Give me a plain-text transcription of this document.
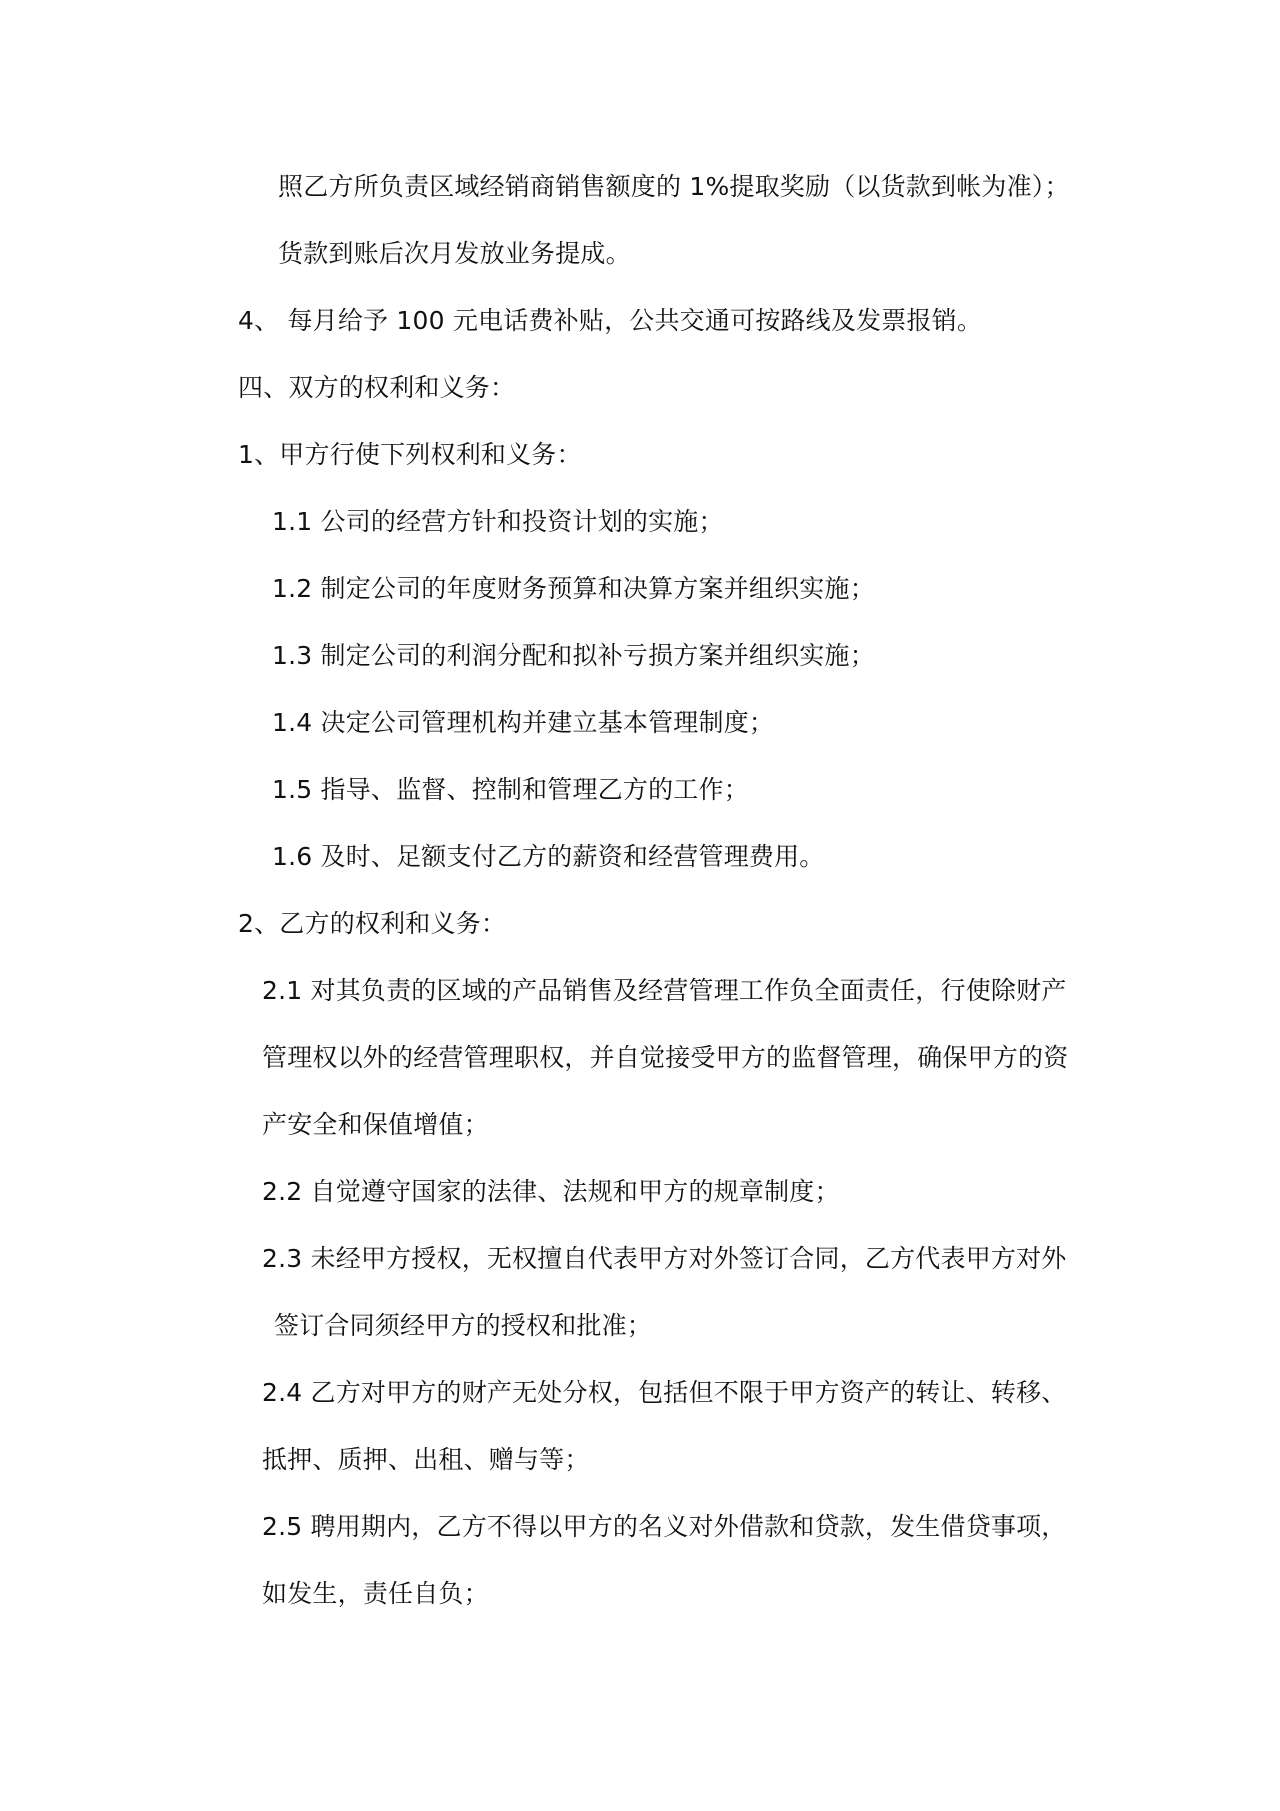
照乙方所负责区域经销商销售额度的 1%提取奖励（以货款到帐为准）；
货款到账后次月发放业务提成。
4、 每月给予 100 元电话费补贴，公共交通可按路线及发票报销。
四、双方的权利和义务：
1、甲方行使下列权利和义务：
1.1 公司的经营方针和投资计划的实施；
1.2 制定公司的年度财务预算和决算方案并组织实施；
1.3 制定公司的利润分配和拟补亏损方案并组织实施；
1.4 决定公司管理机构并建立基本管理制度；
1.5 指导、监督、控制和管理乙方的工作；
1.6 及时、足额支付乙方的薪资和经营管理费用。
2、乙方的权利和义务：
2.1 对其负责的区域的产品销售及经营管理工作负全面责任，行使除财产
管理权以外的经营管理职权，并自觉接受甲方的监督管理，确保甲方的资
产安全和保值增值；
2.2 自觉遵守国家的法律、法规和甲方的规章制度；
2.3 未经甲方授权，无权擅自代表甲方对外签订合同，乙方代表甲方对外
签订合同须经甲方的授权和批准；
2.4 乙方对甲方的财产无处分权，包括但不限于甲方资产的转让、转移、
抵押、质押、出租、赠与等；
2.5 聘用期内，乙方不得以甲方的名义对外借款和贷款，发生借贷事项，
如发生，责任自负；
